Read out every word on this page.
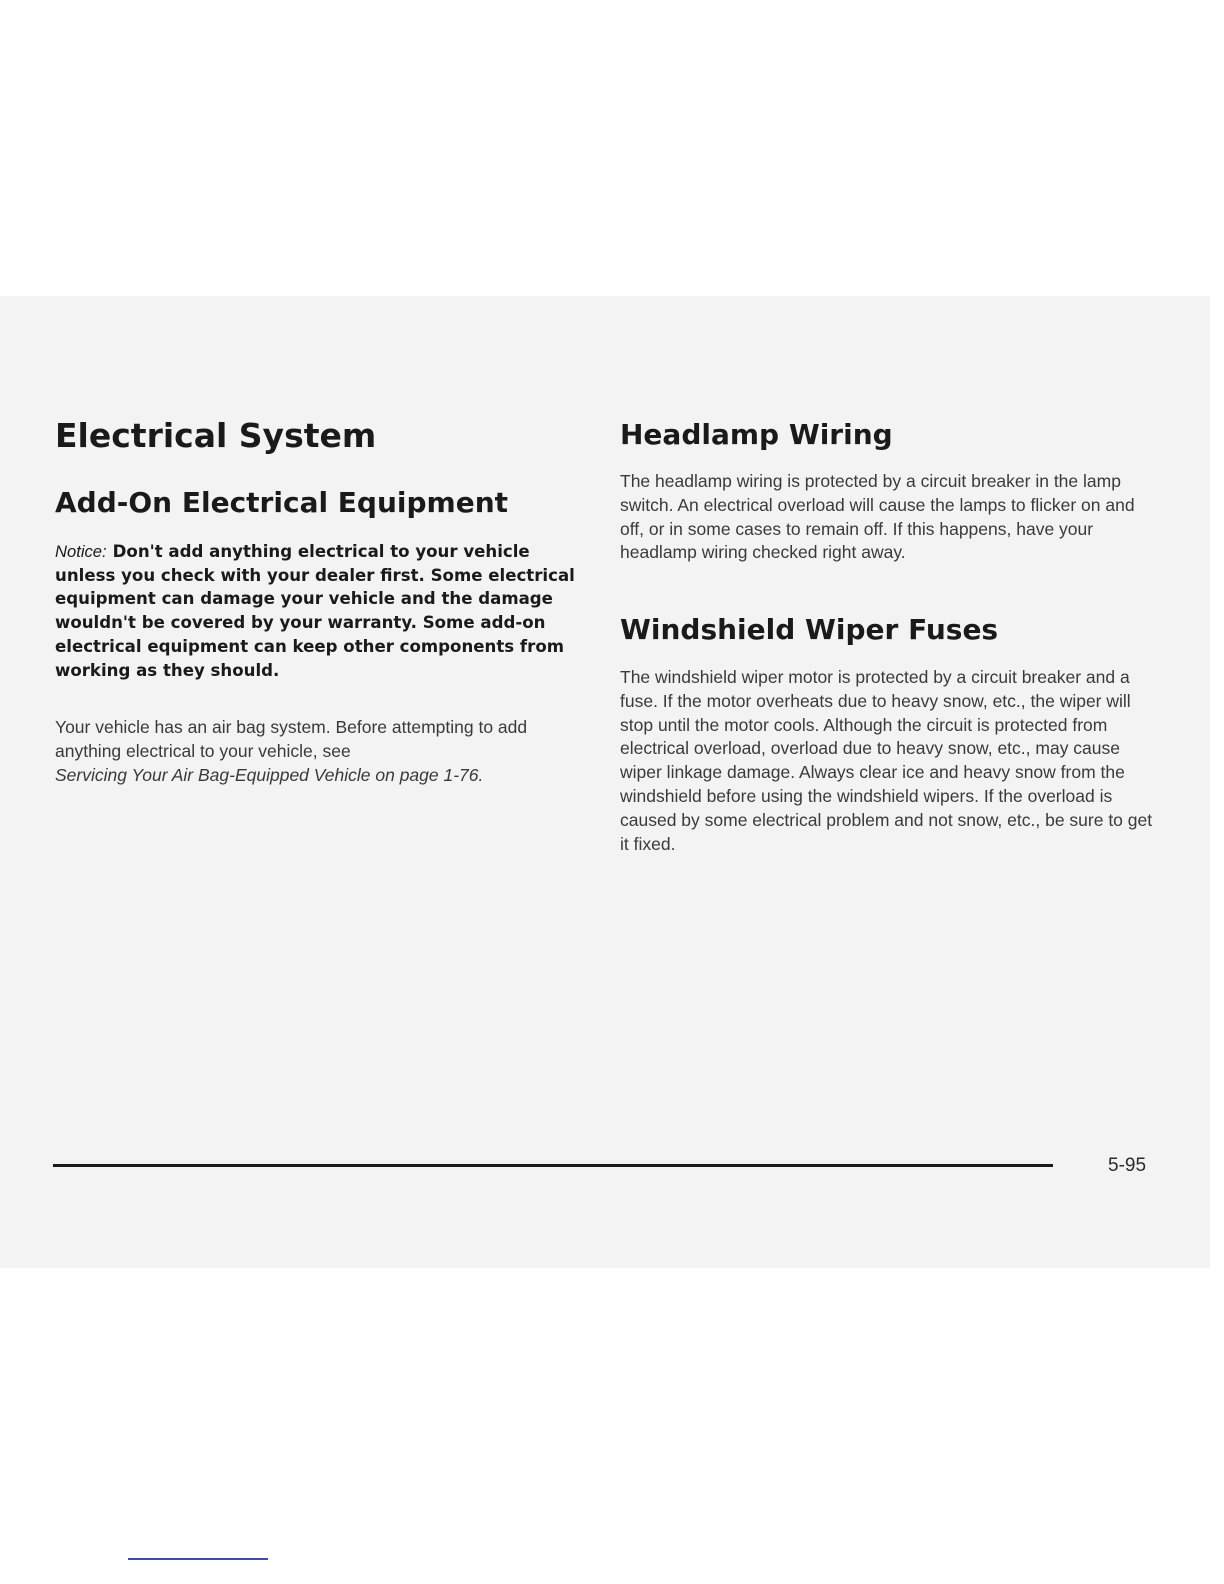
Electrical System
Add-On Electrical Equipment

Notice: Don't add anything electrical to your vehicle unless you check with your dealer first. Some electrical equipment can damage your vehicle and the damage wouldn't be covered by your warranty. Some add-on electrical equipment can keep other components from working as they should.

Your vehicle has an air bag system. Before attempting to add anything electrical to your vehicle, see
Servicing Your Air Bag-Equipped Vehicle on page 1-76.

Headlamp Wiring

The headlamp wiring is protected by a circuit breaker in the lamp switch. An electrical overload will cause the lamps to flicker on and off, or in some cases to remain off. If this happens, have your headlamp wiring checked right away.

Windshield Wiper Fuses

The windshield wiper motor is protected by a circuit breaker and a fuse. If the motor overheats due to heavy snow, etc., the wiper will stop until the motor cools. Although the circuit is protected from electrical overload, overload due to heavy snow, etc., may cause wiper linkage damage. Always clear ice and heavy snow from the windshield before using the windshield wipers. If the overload is caused by some electrical problem and not snow, etc., be sure to get it fixed.

5-95
